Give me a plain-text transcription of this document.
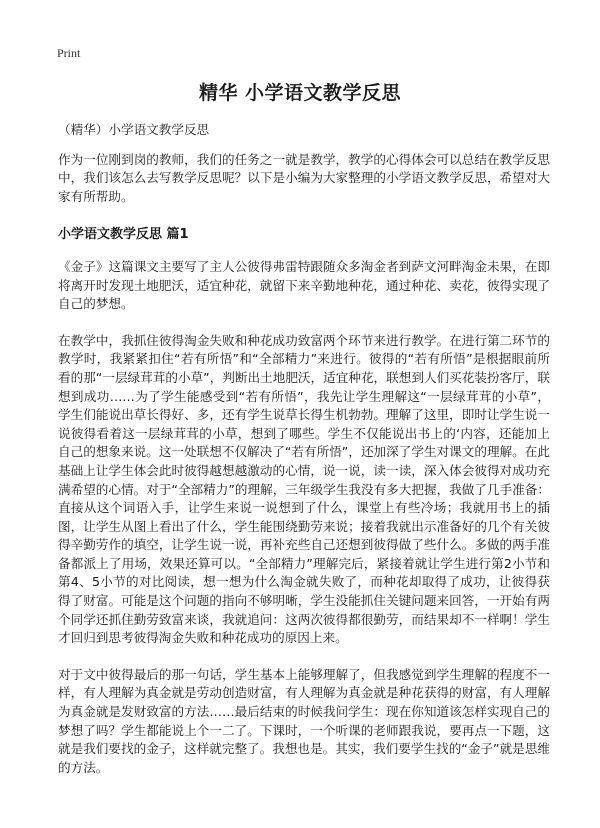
Print
精华 小学语文教学反思

（精华）小学语文教学反思

作为一位刚到岗的教师，我们的任务之一就是教学，教学的心得体会可以总结在教学反思中，我们该怎么去写教学反思呢？以下是小编为大家整理的小学语文教学反思，希望对大家有所帮助。

小学语文教学反思 篇1

《金子》这篇课文主要写了主人公彼得弗雷特跟随众多淘金者到萨文河畔淘金未果，在即将离开时发现土地肥沃，适宜种花，就留下来辛勤地种花，通过种花、卖花，彼得实现了自己的梦想。

在教学中，我抓住彼得淘金失败和种花成功致富两个环节来进行教学。在进行第二环节的教学时，我紧紧扣住“若有所悟”和“全部精力”来进行。彼得的“若有所悟”是根据眼前所看的那“一层绿茸茸的小草”，判断出土地肥沃，适宜种花，联想到人们买花装扮客厅，联想到成功……为了学生能感受到“若有所悟”，我先让学生理解这“一层绿茸茸的小草”，学生们能说出草长得好、多，还有学生说草长得生机勃勃。理解了这里，即时让学生说一说彼得看着这一层绿茸茸的小草，想到了哪些。学生不仅能说出书上的‘内容，还能加上自己的想象来说。这一处联想不仅解决了“若有所悟”，还加深了学生对课文的理解。在此基础上让学生体会此时彼得越想越激动的心情，说一说，读一读，深入体会彼得对成功充满希望的心情。对于“全部精力”的理解，三年级学生我没有多大把握，我做了几手准备：直接从这个词语入手，让学生来说一说想到了什么，课堂上有些冷场；我就用书上的插图，让学生从图上看出了什么，学生能围绕勤劳来说；接着我就出示准备好的几个有关彼得辛勤劳作的填空，让学生说一说，再补充些自己还想到彼得做了些什么。多做的两手准备都派上了用场，效果还算可以。“全部精力”理解完后，紧接着就让学生进行第2小节和第4、5小节的对比阅读，想一想为什么淘金就失败了，而种花却取得了成功，让彼得获得了财富。可能是这个问题的指向不够明晰，学生没能抓住关键问题来回答，一开始有两个同学还抓住勤劳致富来谈，我就追问：这两次彼得都很勤劳，而结果却不一样啊！学生才回归到思考彼得淘金失败和种花成功的原因上来。

对于文中彼得最后的那一句话，学生基本上能够理解了，但我感觉到学生理解的程度不一样，有人理解为真金就是劳动创造财富，有人理解为真金就是种花获得的财富，有人理解为真金就是发财致富的方法……最后结束的时候我问学生：现在你知道该怎样实现自己的梦想了吗？学生都能说上个一二了。下课时，一个听课的老师跟我说，要再点一下题，这就是我们要找的金子，这样就完整了。我想也是。其实，我们要学生找的“金子”就是思维的方法。
